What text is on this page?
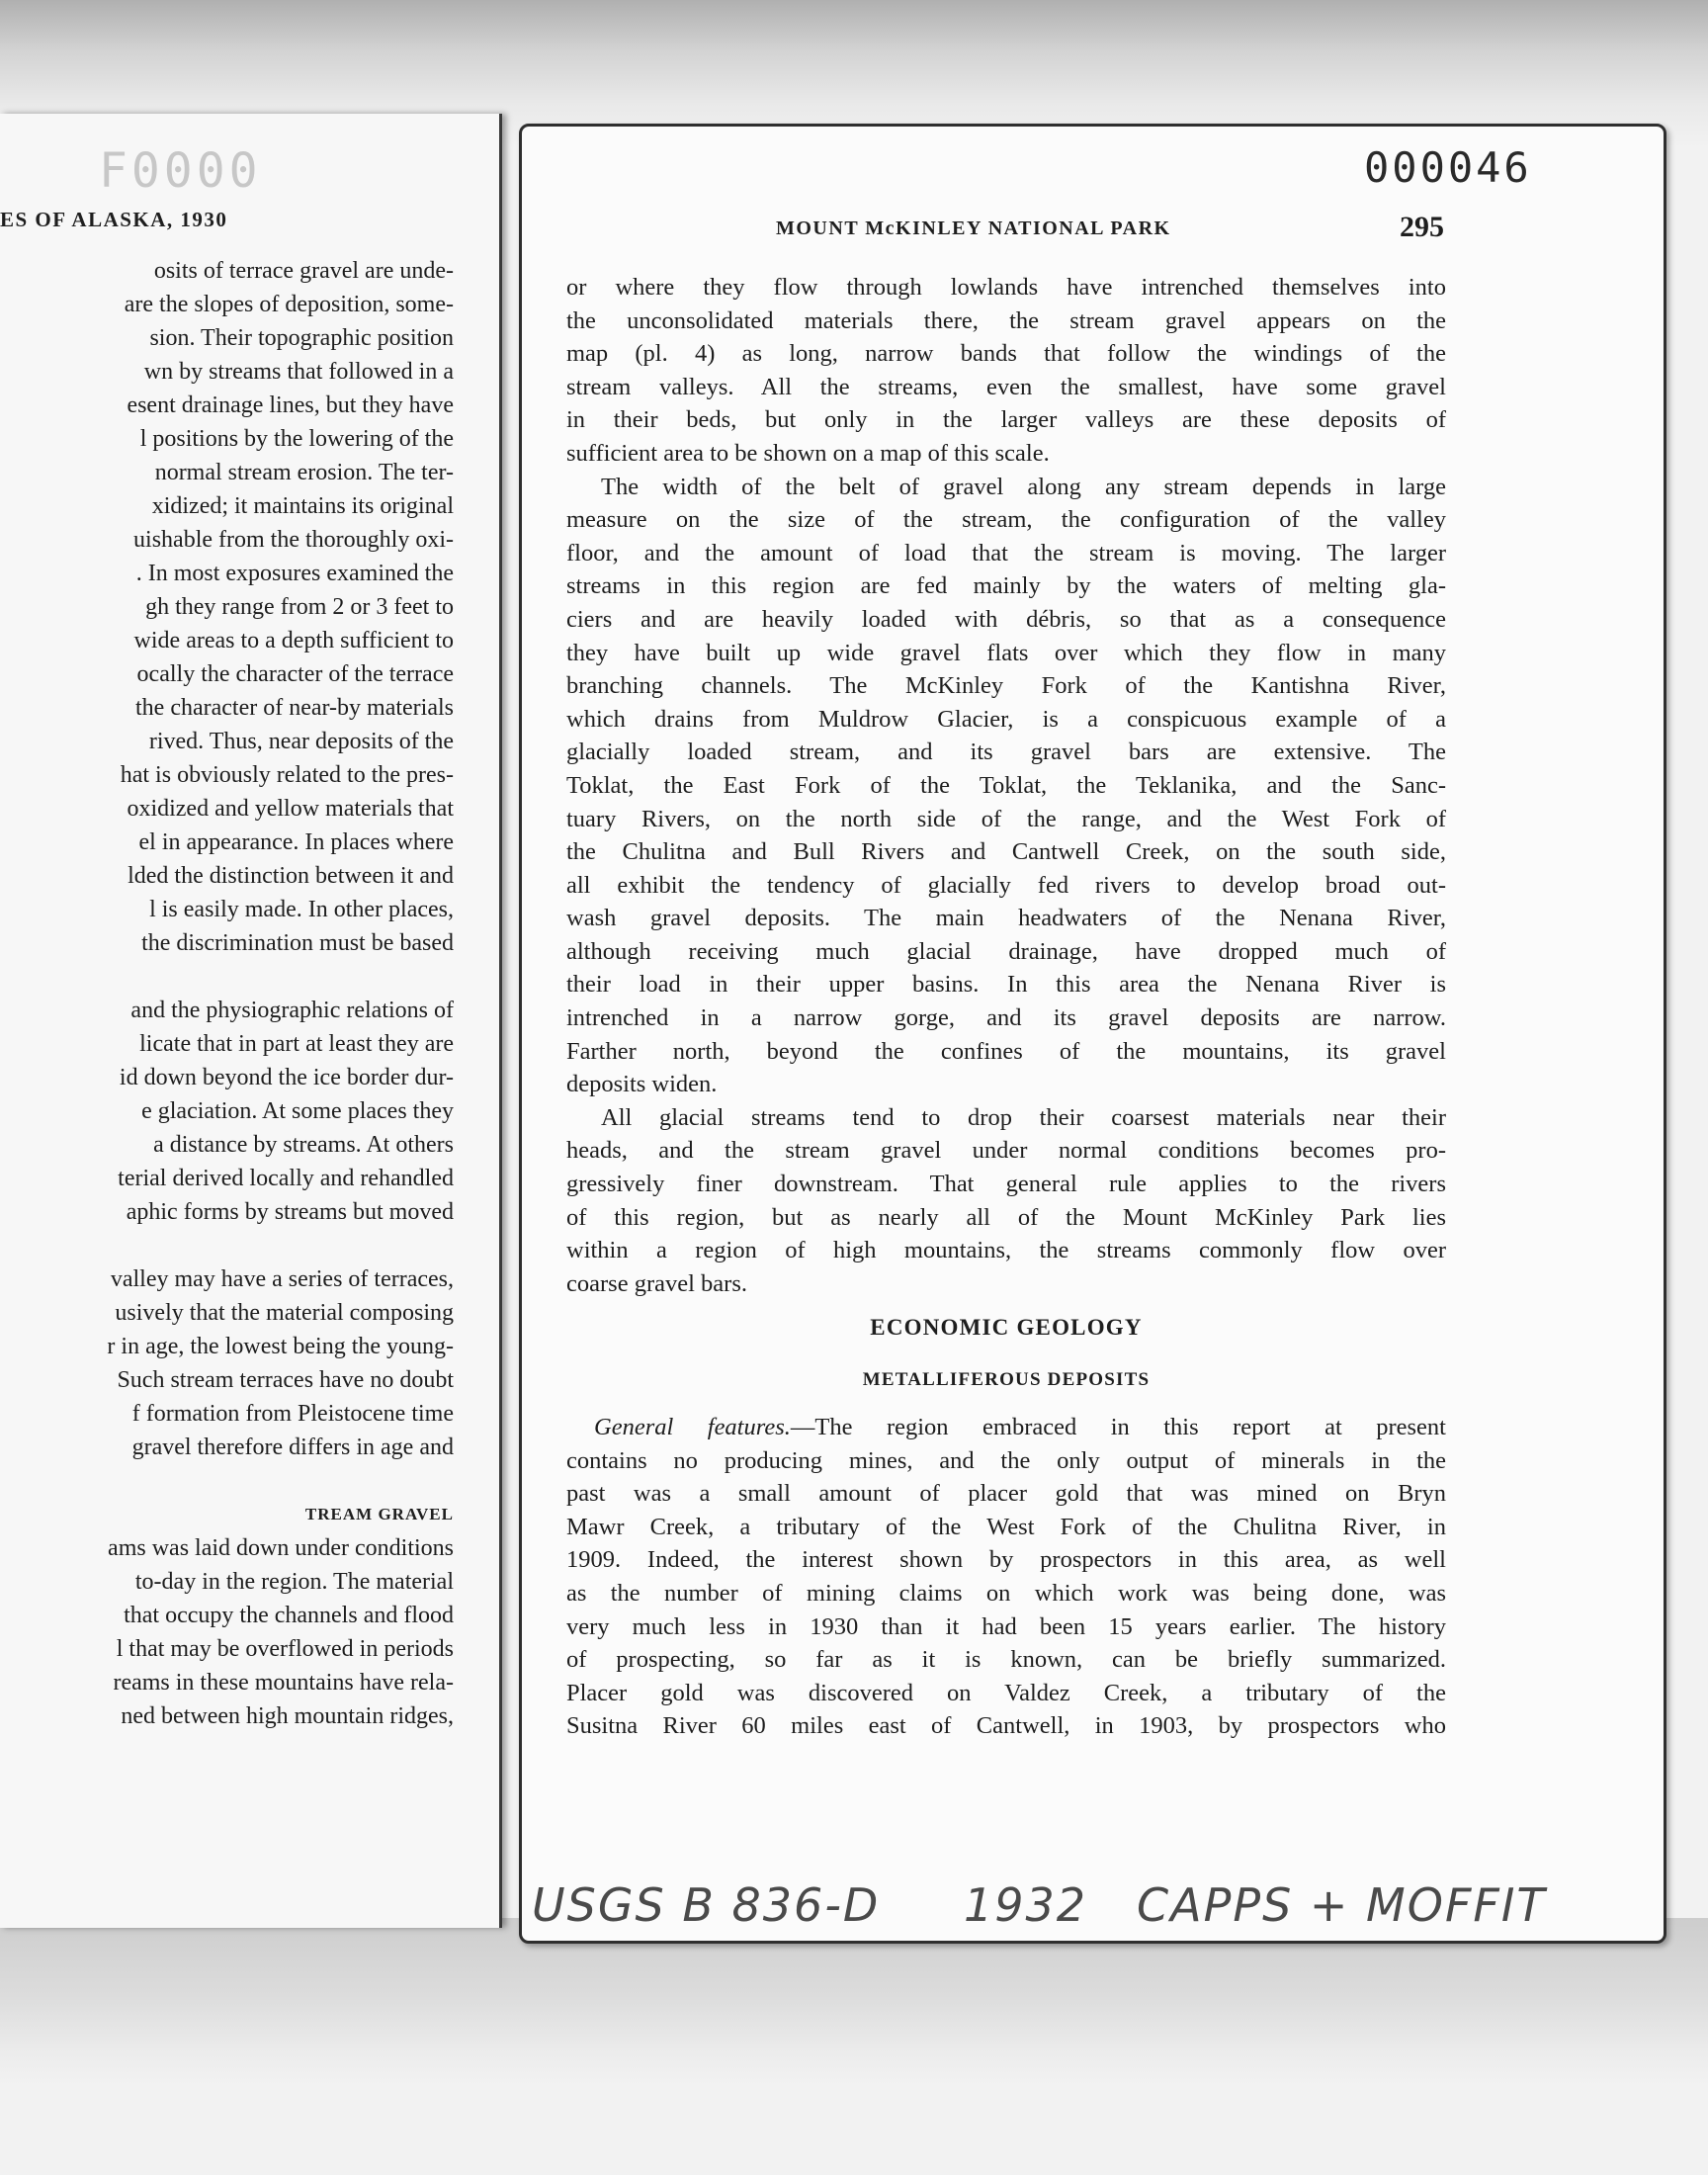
F0000
ES OF ALASKA, 1930
osits of terrace gravel are unde-
are the slopes of deposition, some-
sion. Their topographic position
wn by streams that followed in a
esent drainage lines, but they have
l positions by the lowering of the
normal stream erosion. The ter-
xidized; it maintains its original
uishable from the thoroughly oxi-
. In most exposures examined the
gh they range from 2 or 3 feet to
wide areas to a depth sufficient to
ocally the character of the terrace
the character of near-by materials
rived. Thus, near deposits of the
hat is obviously related to the pres-
oxidized and yellow materials that
el in appearance. In places where
lded the distinction between it and
l is easily made. In other places,
the discrimination must be based
and the physiographic relations of
licate that in part at least they are
id down beyond the ice border dur-
e glaciation. At some places they
a distance by streams. At others
terial derived locally and rehandled
aphic forms by streams but moved
valley may have a series of terraces,
usively that the material composing
r in age, the lowest being the young-
Such stream terraces have no doubt
f formation from Pleistocene time
gravel therefore differs in age and
TREAM GRAVEL
ams was laid down under conditions
to-day in the region. The material
that occupy the channels and flood
l that may be overflowed in periods
reams in these mountains have rela-
ned between high mountain ridges,
000046
MOUNT McKINLEY NATIONAL PARK	295
or where they flow through lowlands have intrenched themselves into
the unconsolidated materials there, the stream gravel appears on the
map (pl. 4) as long, narrow bands that follow the windings of the
stream valleys. All the streams, even the smallest, have some gravel
in their beds, but only in the larger valleys are these deposits of
sufficient area to be shown on a map of this scale.
The width of the belt of gravel along any stream depends in large
measure on the size of the stream, the configuration of the valley
floor, and the amount of load that the stream is moving. The larger
streams in this region are fed mainly by the waters of melting gla-
ciers and are heavily loaded with débris, so that as a consequence
they have built up wide gravel flats over which they flow in many
branching channels. The McKinley Fork of the Kantishna River,
which drains from Muldrow Glacier, is a conspicuous example of a
glacially loaded stream, and its gravel bars are extensive. The
Toklat, the East Fork of the Toklat, the Teklanika, and the Sanc-
tuary Rivers, on the north side of the range, and the West Fork of
the Chulitna and Bull Rivers and Cantwell Creek, on the south side,
all exhibit the tendency of glacially fed rivers to develop broad out-
wash gravel deposits. The main headwaters of the Nenana River,
although receiving much glacial drainage, have dropped much of
their load in their upper basins. In this area the Nenana River is
intrenched in a narrow gorge, and its gravel deposits are narrow.
Farther north, beyond the confines of the mountains, its gravel
deposits widen.
All glacial streams tend to drop their coarsest materials near their
heads, and the stream gravel under normal conditions becomes pro-
gressively finer downstream. That general rule applies to the rivers
of this region, but as nearly all of the Mount McKinley Park lies
within a region of high mountains, the streams commonly flow over
coarse gravel bars.
ECONOMIC GEOLOGY
METALLIFEROUS DEPOSITS
General features.—The region embraced in this report at present
contains no producing mines, and the only output of minerals in the
past was a small amount of placer gold that was mined on Bryn
Mawr Creek, a tributary of the West Fork of the Chulitna River, in
1909. Indeed, the interest shown by prospectors in this area, as well
as the number of mining claims on which work was being done, was
very much less in 1930 than it had been 15 years earlier. The history
of prospecting, so far as it is known, can be briefly summarized.
Placer gold was discovered on Valdez Creek, a tributary of the
Susitna River 60 miles east of Cantwell, in 1903, by prospectors who
USGS B 836-D 1932 CAPPS + MOFFIT
